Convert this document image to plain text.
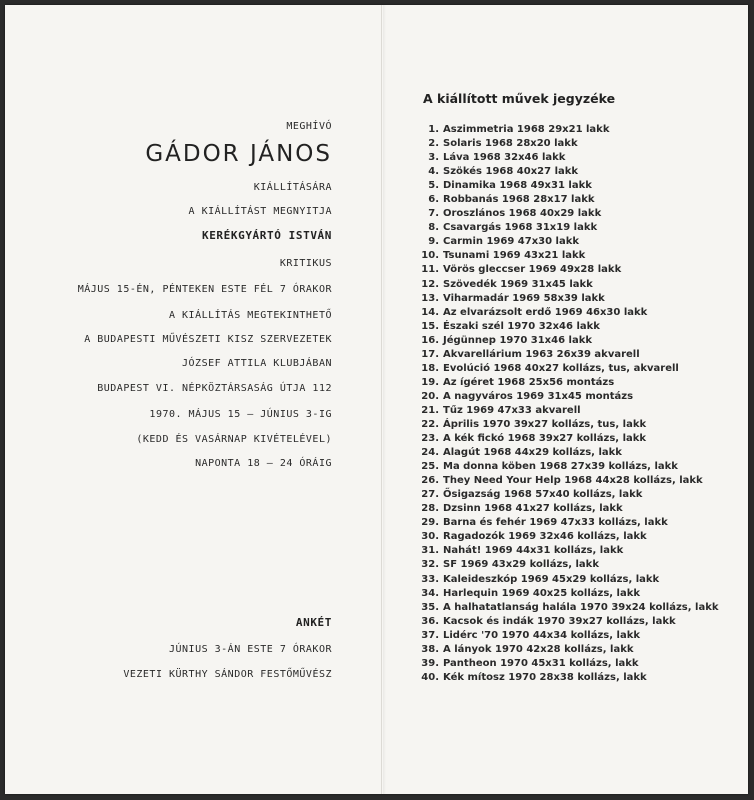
MEGHÍVÓ
GÁDOR JÁNOS
KIÁLLÍTÁSÁRA
A KIÁLLÍTÁST MEGNYITJA
KERÉKGYÁRTÓ ISTVÁN
KRITIKUS
MÁJUS 15-ÉN, PÉNTEKEN ESTE FÉL 7 ÓRAKOR
A KIÁLLÍTÁS MEGTEKINTHETŐ
A BUDAPESTI MŰVÉSZETI KISZ SZERVEZETEK
JÓZSEF ATTILA KLUBJÁBAN
BUDAPEST VI. NÉPKÖZTÁRSASÁG ÚTJA 112
1970. MÁJUS 15 – JÚNIUS 3-IG
(KEDD ÉS VASÁRNAP KIVÉTELÉVEL)
NAPONTA 18 – 24 ÓRÁIG
ANKÉT
JÚNIUS 3-ÁN ESTE 7 ÓRAKOR
VEZETI KÜRTHY SÁNDOR FESTŐMŰVÉSZ
A kiállított művek jegyzéke
1. Aszimmetria 1968 29x21 lakk
2. Solaris 1968 28x20 lakk
3. Láva 1968 32x46 lakk
4. Szökés 1968 40x27 lakk
5. Dinamika 1968 49x31 lakk
6. Robbanás 1968 28x17 lakk
7. Oroszlános 1968 40x29 lakk
8. Csavargás 1968 31x19 lakk
9. Carmin 1969 47x30 lakk
10. Tsunami 1969 43x21 lakk
11. Vörös gleccser 1969 49x28 lakk
12. Szövedék 1969 31x45 lakk
13. Viharmadár 1969 58x39 lakk
14. Az elvarázsolt erdő 1969 46x30 lakk
15. Északi szél 1970 32x46 lakk
16. Jégünnep 1970 31x46 lakk
17. Akvarellárium 1963 26x39 akvarell
18. Evolúció 1968 40x27 kollázs, tus, akvarell
19. Az ígéret 1968 25x56 montázs
20. A nagyváros 1969 31x45 montázs
21. Tűz 1969 47x33 akvarell
22. Április 1970 39x27 kollázs, tus, lakk
23. A kék fickó 1968 39x27 kollázs, lakk
24. Alagút 1968 44x29 kollázs, lakk
25. Ma donna köben 1968 27x39 kollázs, lakk
26. They Need Your Help 1968 44x28 kollázs, lakk
27. Ősigazság 1968 57x40 kollázs, lakk
28. Dzsinn 1968 41x27 kollázs, lakk
29. Barna és fehér 1969 47x33 kollázs, lakk
30. Ragadozók 1969 32x46 kollázs, lakk
31. Nahát! 1969 44x31 kollázs, lakk
32. SF 1969 43x29 kollázs, lakk
33. Kaleideszkóp 1969 45x29 kollázs, lakk
34. Harlequin 1969 40x25 kollázs, lakk
35. A halhatatlanság halála 1970 39x24 kollázs, lakk
36. Kacsok és indák 1970 39x27 kollázs, lakk
37. Lidérc '70 1970 44x34 kollázs, lakk
38. A lányok 1970 42x28 kollázs, lakk
39. Pantheon 1970 45x31 kollázs, lakk
40. Kék mítosz 1970 28x38 kollázs, lakk
